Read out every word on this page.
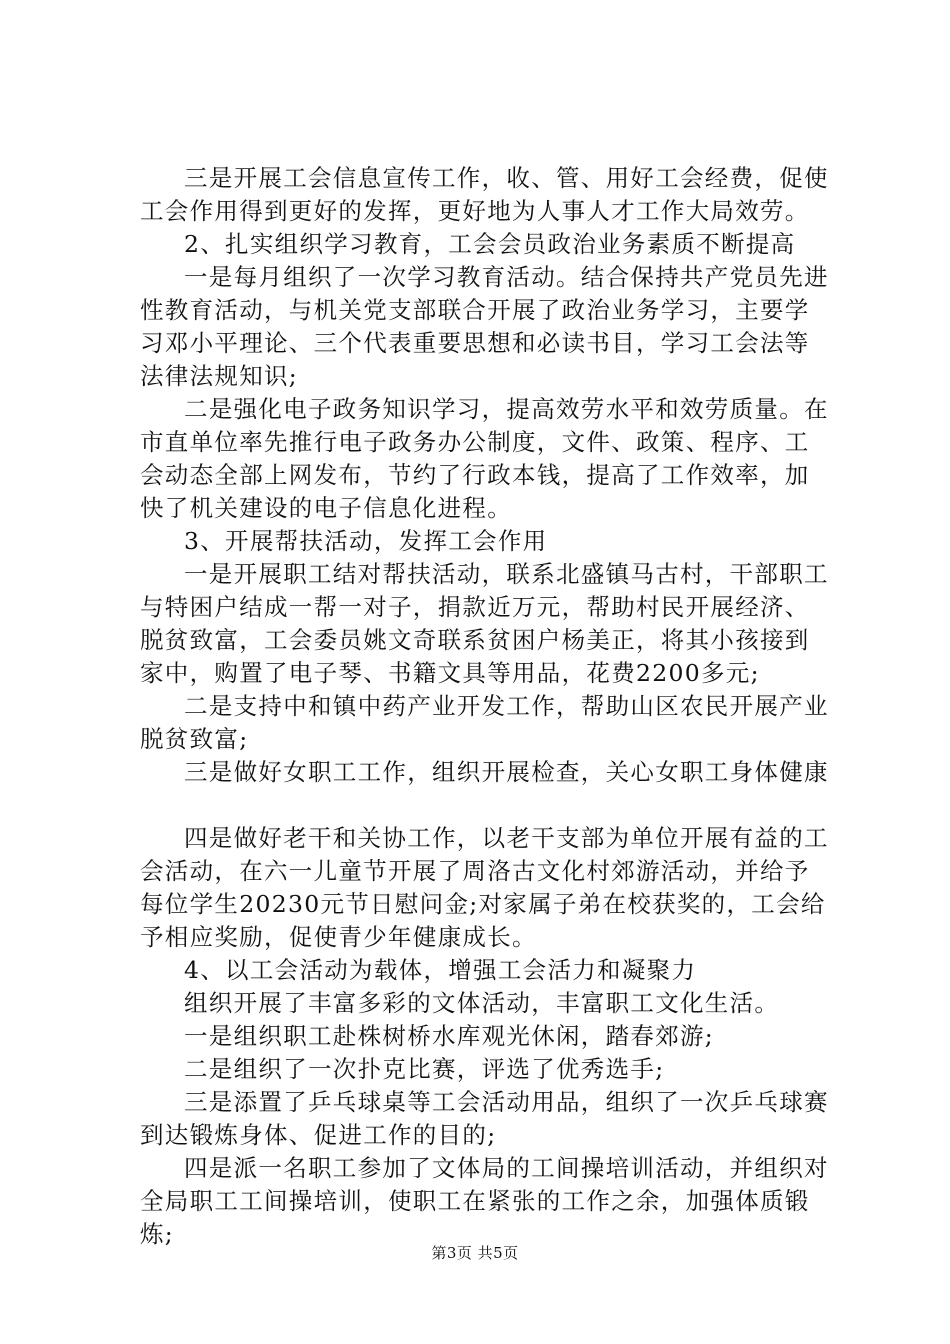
三是开展工会信息宣传工作，收、管、用好工会经费，促使
工会作用得到更好的发挥，更好地为人事人才工作大局效劳。
2、扎实组织学习教育，工会会员政治业务素质不断提高
一是每月组织了一次学习教育活动。结合保持共产党员先进
性教育活动，与机关党支部联合开展了政治业务学习，主要学
习邓小平理论、三个代表重要思想和必读书目，学习工会法等
法律法规知识;
二是强化电子政务知识学习，提高效劳水平和效劳质量。在
市直单位率先推行电子政务办公制度，文件、政策、程序、工
会动态全部上网发布，节约了行政本钱，提高了工作效率，加
快了机关建设的电子信息化进程。
3、开展帮扶活动，发挥工会作用
一是开展职工结对帮扶活动，联系北盛镇马古村，干部职工
与特困户结成一帮一对子，捐款近万元，帮助村民开展经济、
脱贫致富，工会委员姚文奇联系贫困户杨美正，将其小孩接到
家中，购置了电子琴、书籍文具等用品，花费2200多元;
二是支持中和镇中药产业开发工作，帮助山区农民开展产业
脱贫致富;
三是做好女职工工作，组织开展检查，关心女职工身体健康
四是做好老干和关协工作，以老干支部为单位开展有益的工
会活动，在六一儿童节开展了周洛古文化村郊游活动，并给予
每位学生20230元节日慰问金;对家属子弟在校获奖的，工会给
予相应奖励，促使青少年健康成长。
4、以工会活动为载体，增强工会活力和凝聚力
组织开展了丰富多彩的文体活动，丰富职工文化生活。
一是组织职工赴株树桥水库观光休闲，踏春郊游;
二是组织了一次扑克比赛，评选了优秀选手;
三是添置了乒乓球桌等工会活动用品，组织了一次乒乓球赛
到达锻炼身体、促进工作的目的;
四是派一名职工参加了文体局的工间操培训活动，并组织对
全局职工工间操培训，使职工在紧张的工作之余，加强体质锻
炼;
第3页 共5页
